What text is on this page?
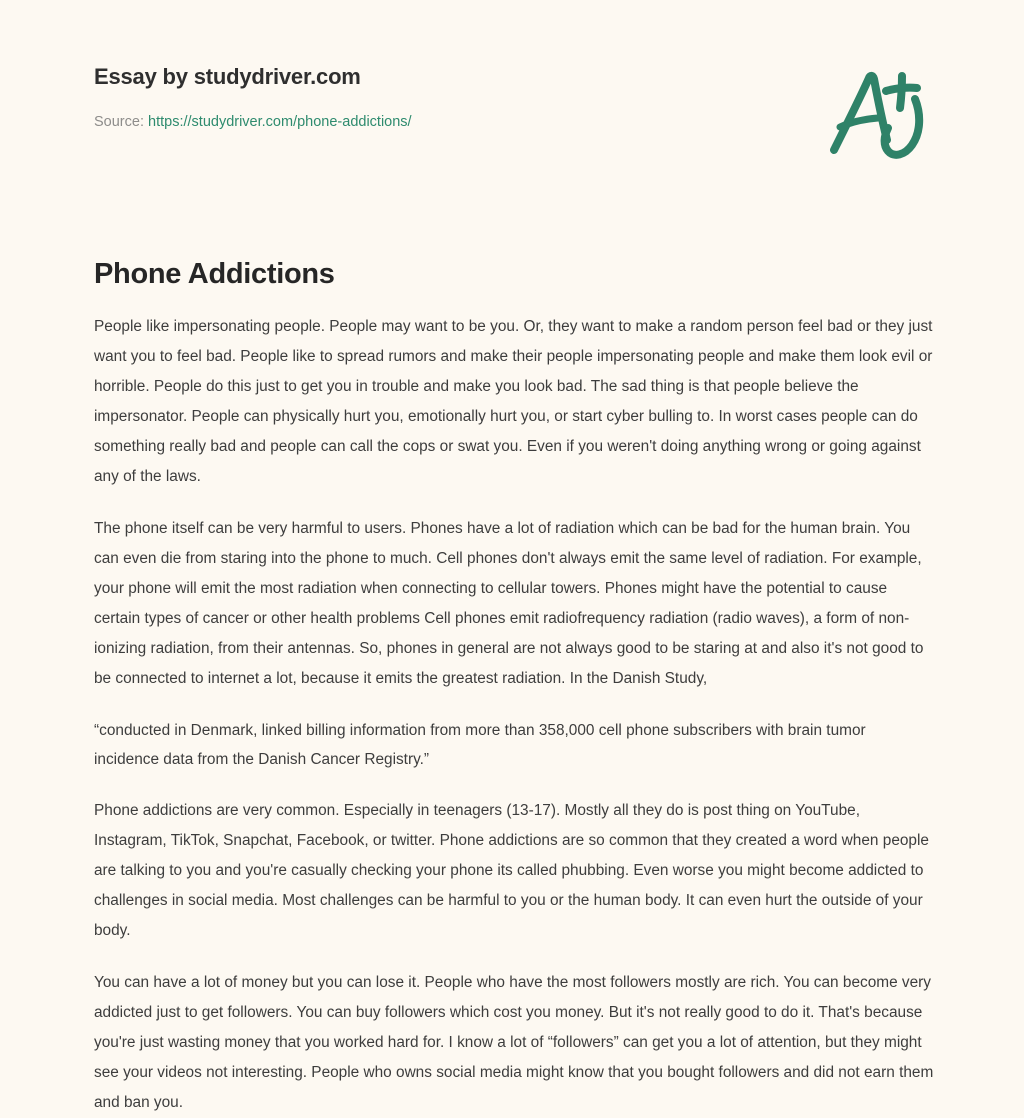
Essay by studydriver.com
Source: https://studydriver.com/phone-addictions/
Phone Addictions

People like impersonating people. People may want to be you. Or, they want to make a random person feel bad or they just want you to feel bad. People like to spread rumors and make their people impersonating people and make them look evil or horrible. People do this just to get you in trouble and make you look bad. The sad thing is that people believe the impersonator. People can physically hurt you, emotionally hurt you, or start cyber bulling to. In worst cases people can do something really bad and people can call the cops or swat you. Even if you weren't doing anything wrong or going against any of the laws.

The phone itself can be very harmful to users. Phones have a lot of radiation which can be bad for the human brain. You can even die from staring into the phone to much. Cell phones don't always emit the same level of radiation. For example, your phone will emit the most radiation when connecting to cellular towers. Phones might have the potential to cause certain types of cancer or other health problems Cell phones emit radiofrequency radiation (radio waves), a form of non-ionizing radiation, from their antennas. So, phones in general are not always good to be staring at and also it's not good to be connected to internet a lot, because it emits the greatest radiation. In the Danish Study,

“conducted in Denmark, linked billing information from more than 358,000 cell phone subscribers with brain tumor incidence data from the Danish Cancer Registry.”

Phone addictions are very common. Especially in teenagers (13-17). Mostly all they do is post thing on YouTube, Instagram, TikTok, Snapchat, Facebook, or twitter. Phone addictions are so common that they created a word when people are talking to you and you're casually checking your phone its called phubbing. Even worse you might become addicted to challenges in social media. Most challenges can be harmful to you or the human body. It can even hurt the outside of your body.

You can have a lot of money but you can lose it. People who have the most followers mostly are rich. You can become very addicted just to get followers. You can buy followers which cost you money. But it's not really good to do it. That's because you're just wasting money that you worked hard for. I know a lot of “followers” can get you a lot of attention, but they might see your videos not interesting. People who owns social media might know that you bought followers and did not earn them and ban you.
